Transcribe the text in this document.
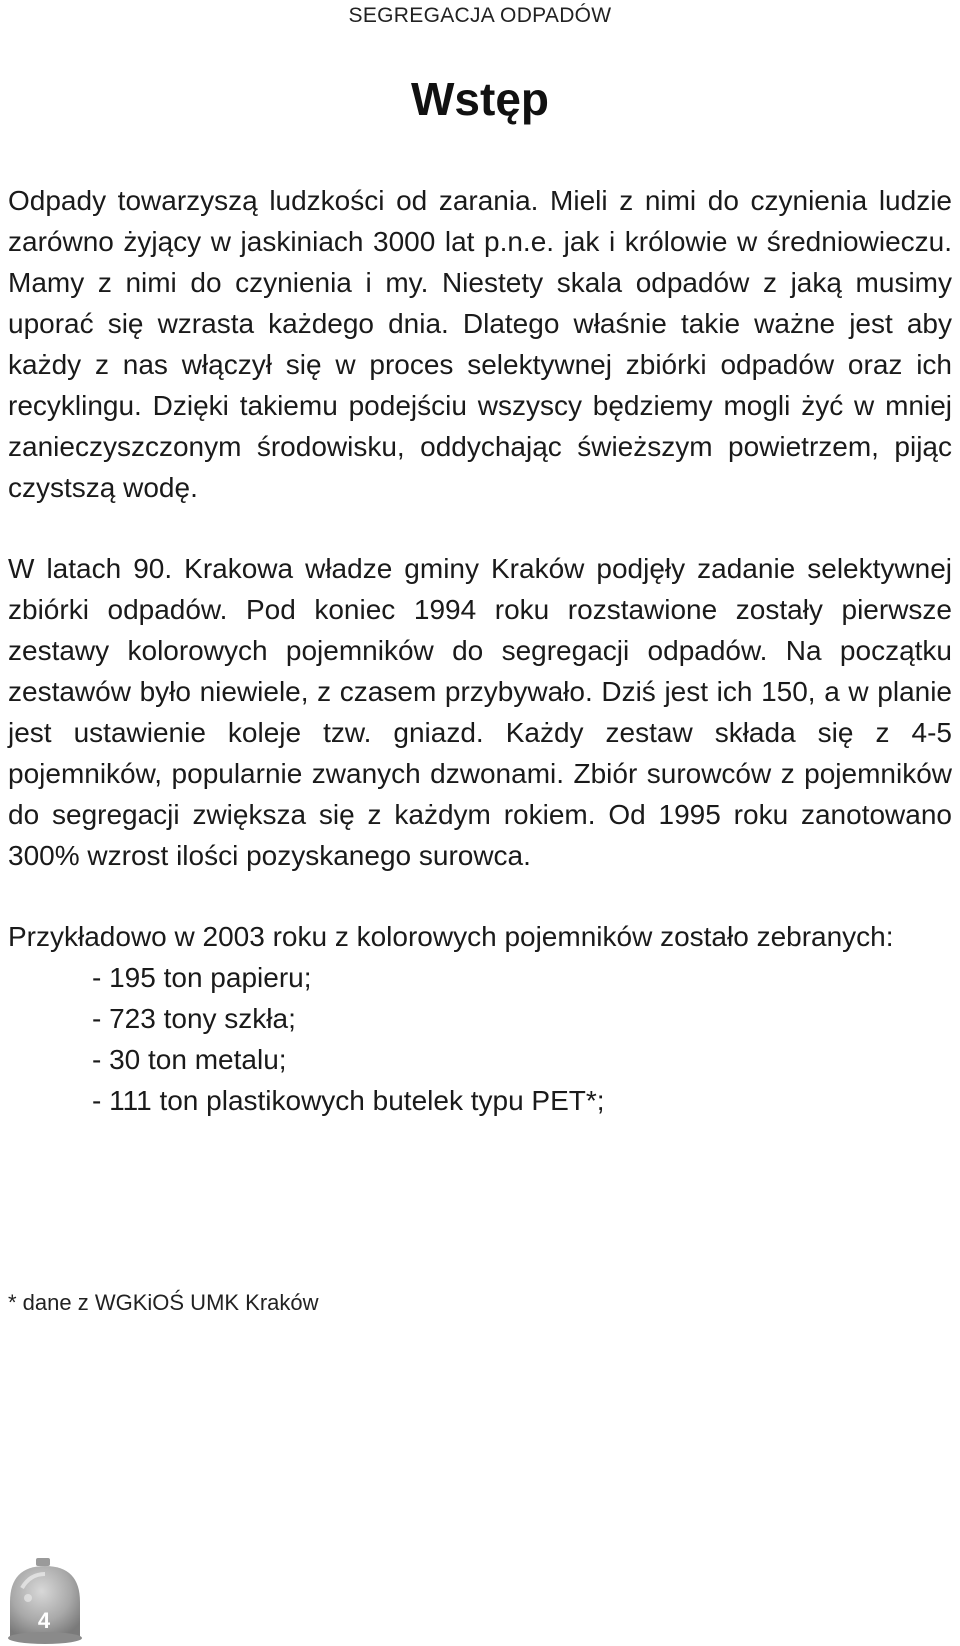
SEGREGACJA ODPADÓW
Wstęp

Odpady towarzyszą ludzkości od zarania. Mieli z nimi do czynienia ludzie zarówno żyjący w jaskiniach 3000 lat p.n.e. jak i królowie w średniowieczu. Mamy z nimi do czynienia i my. Niestety skala odpadów z jaką musimy uporać się wzrasta każdego dnia. Dlatego właśnie takie ważne jest aby każdy z nas włączył się w proces selektywnej zbiórki odpadów oraz ich recyklingu. Dzięki takiemu podejściu wszyscy będziemy mogli żyć w mniej zanieczyszczonym środowisku, oddychając świeższym powietrzem, pijąc czystszą wodę.

W latach 90. Krakowa władze gminy Kraków podjęły zadanie selektywnej zbiórki odpadów. Pod koniec 1994 roku rozstawione zostały pierwsze zestawy kolorowych pojemników do segregacji odpadów. Na początku zestawów było niewiele, z czasem przybywało. Dziś jest ich 150, a w planie jest ustawienie koleje tzw. gniazd. Każdy zestaw składa się z 4-5 pojemników, popularnie zwanych dzwonami. Zbiór surowców z pojemników do segregacji zwiększa się z każdym rokiem. Od 1995 roku zanotowano 300% wzrost ilości pozyskanego surowca.

Przykładowo w 2003 roku z kolorowych pojemników zostało zebranych:
- 195 ton papieru;
- 723 tony szkła;
- 30 ton metalu;
- 111 ton plastikowych butelek typu PET*;
* dane z WGKiOŚ UMK Kraków
4
